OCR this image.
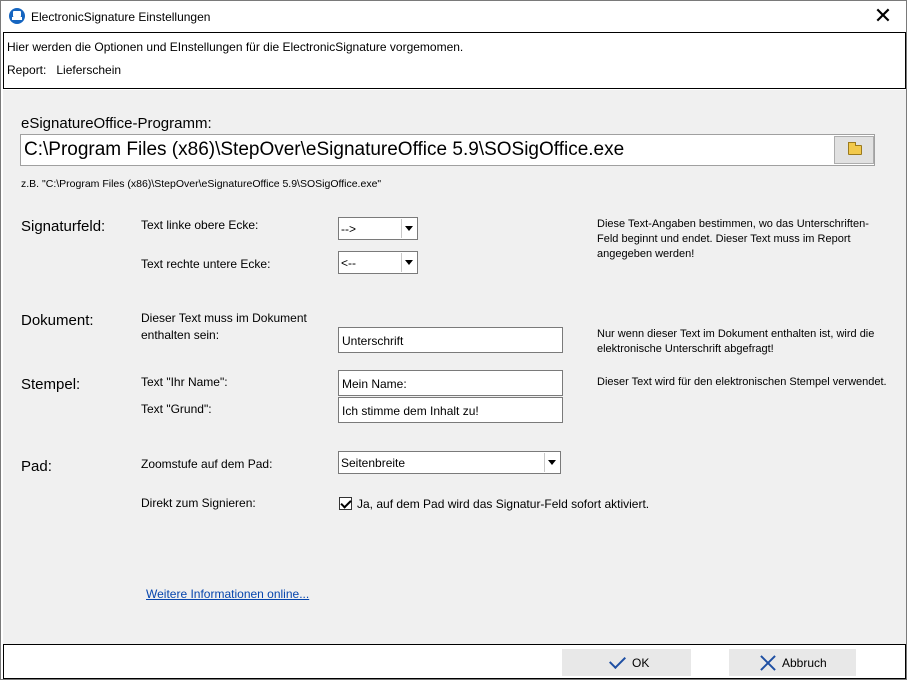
ElectronicSignature Einstellungen	✕
Hier werden die Optionen und EInstellungen für die ElectronicSignature vorgemomen.
Report: Lieferschein
eSignatureOffice-Programm:
C:\Program Files (x86)\StepOver\eSignatureOffice 5.9\SOSigOffice.exe
z.B. "C:\Program Files (x86)\StepOver\eSignatureOffice 5.9\SOSigOffice.exe"
Signaturfeld:	Text linke obere Ecke:	-->
Text rechte untere Ecke:	<--
Diese Text-Angaben bestimmen, wo das Unterschriften-Feld beginnt und endet. Dieser Text muss im Report angegeben werden!
Dokument:	Dieser Text muss im Dokument enthalten sein:	Unterschrift	Nur wenn dieser Text im Dokument enthalten ist, wird die elektronische Unterschrift abgefragt!
Stempel:	Text "Ihr Name":	Mein Name:
Text "Grund":	Ich stimme dem Inhalt zu!
Dieser Text wird für den elektronischen Stempel verwendet.
Pad:	Zoomstufe auf dem Pad:	Seitenbreite
Direkt zum Signieren:	Ja, auf dem Pad wird das Signatur-Feld sofort aktiviert.
Weitere Informationen online...
OK	Abbruch
